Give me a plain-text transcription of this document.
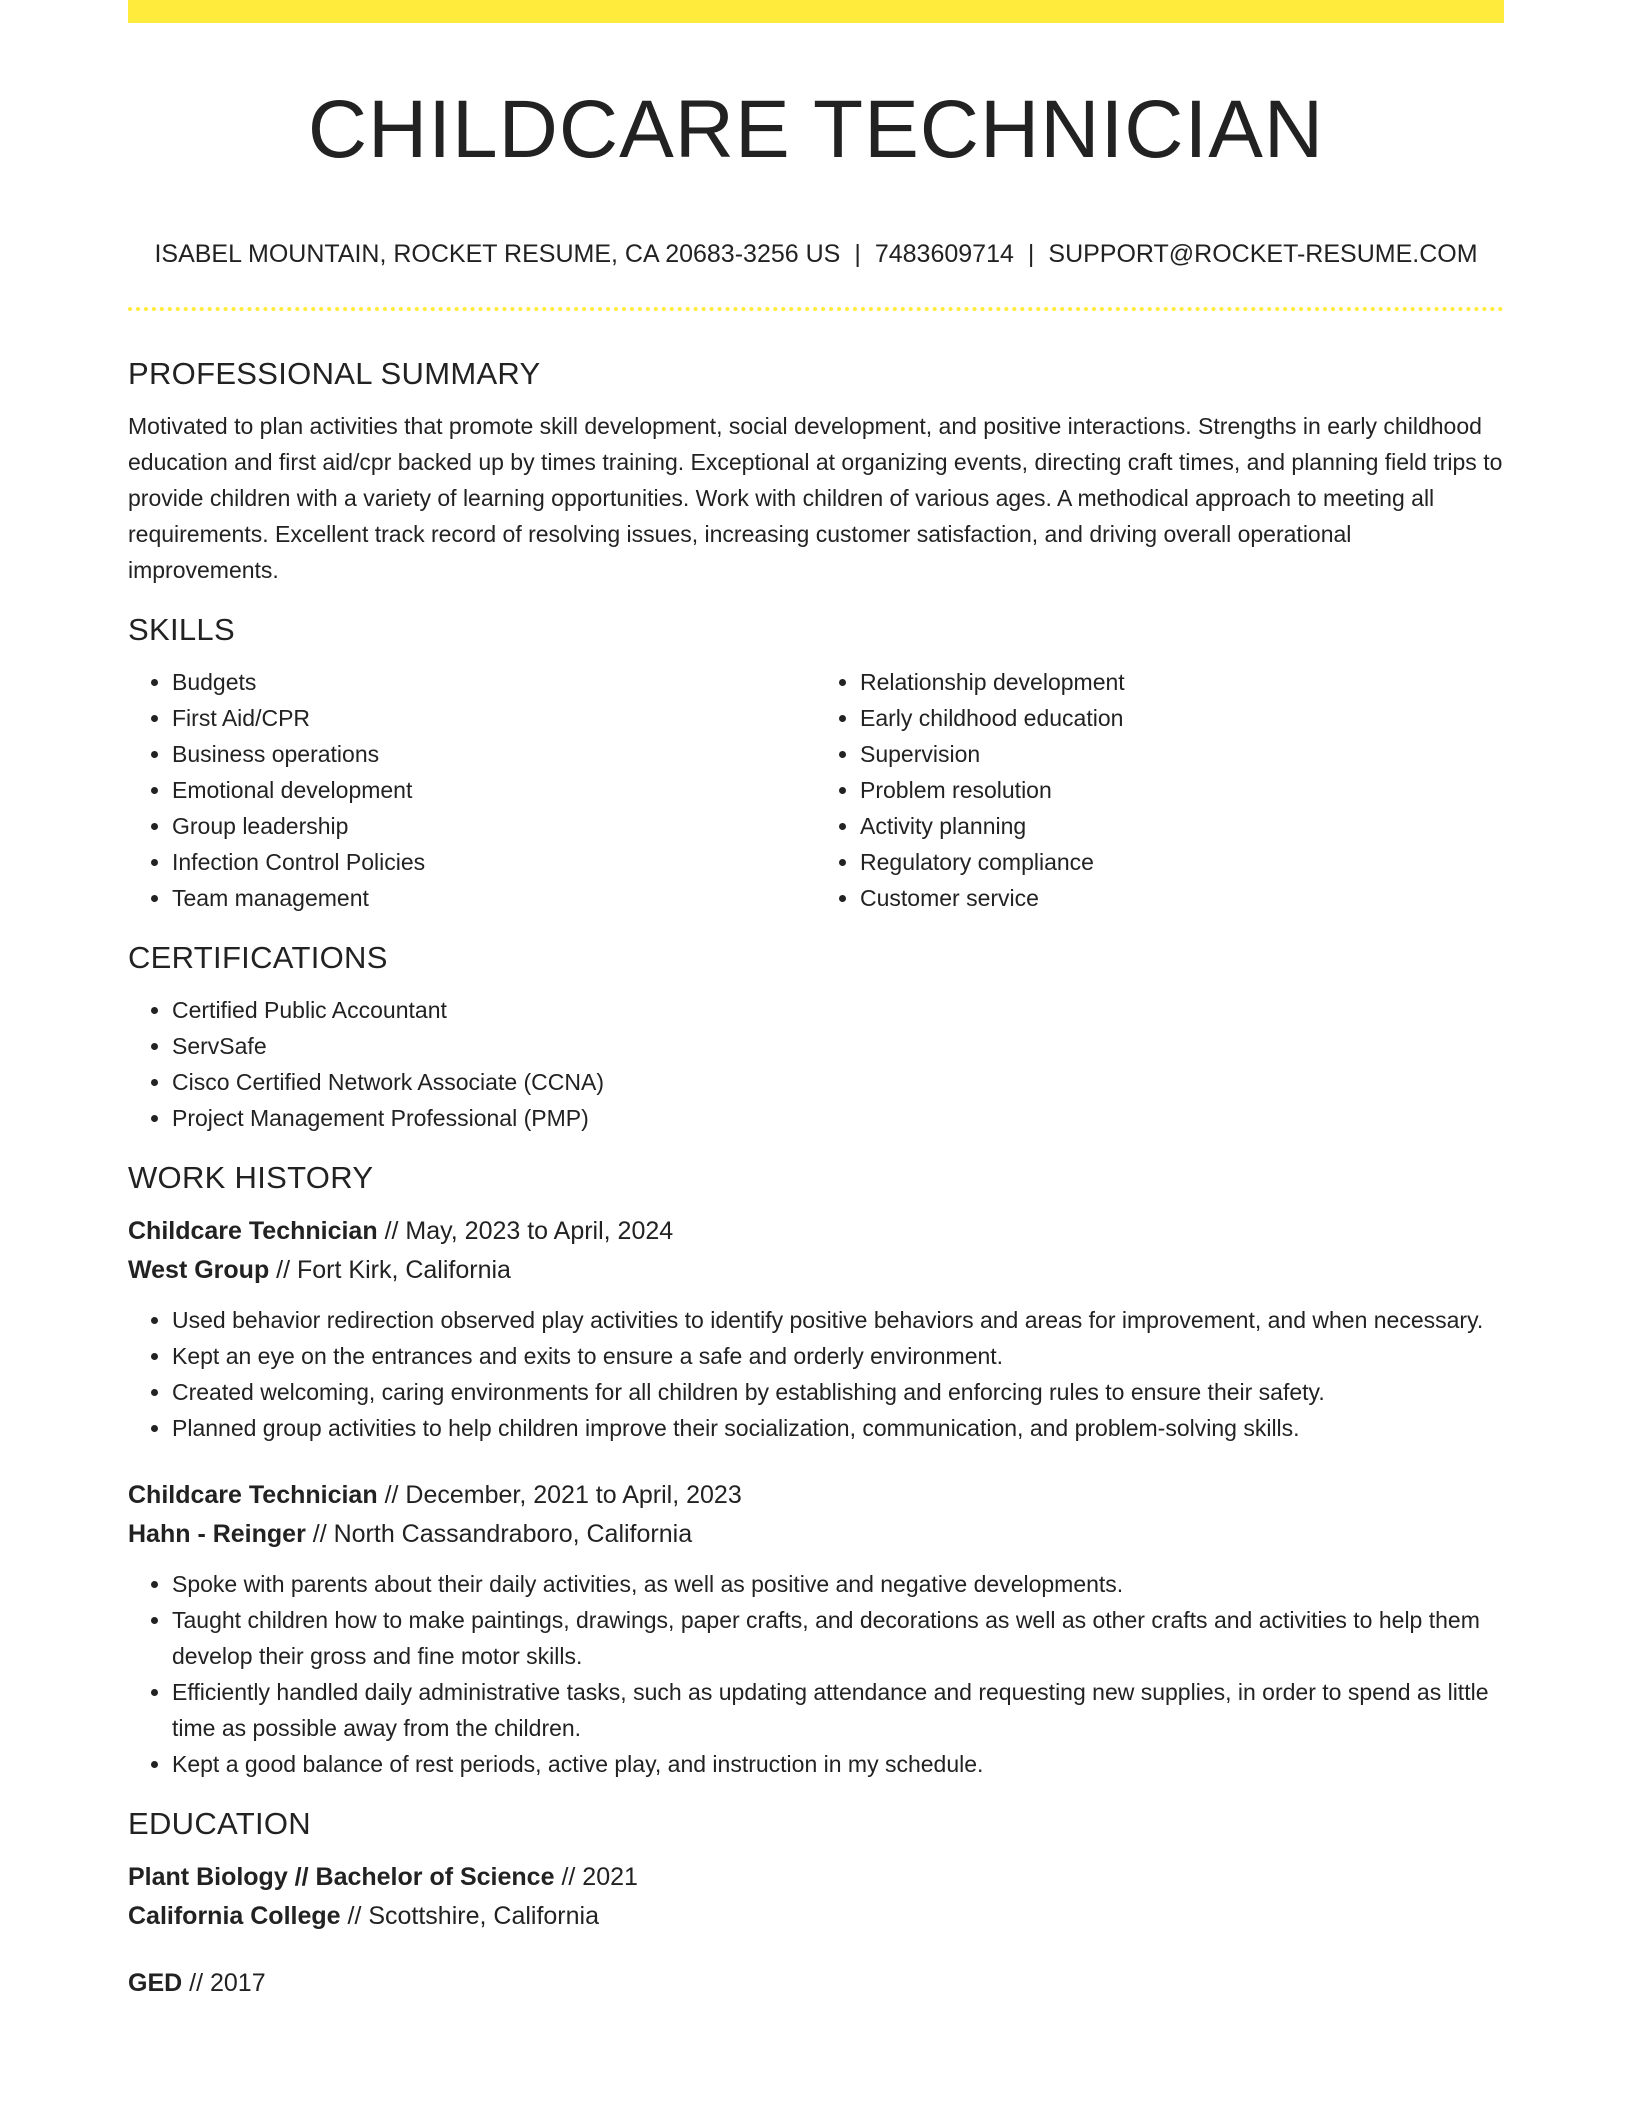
CHILDCARE TECHNICIAN
ISABEL MOUNTAIN, ROCKET RESUME, CA 20683-3256 US | 7483609714 | SUPPORT@ROCKET-RESUME.COM
PROFESSIONAL SUMMARY

Motivated to plan activities that promote skill development, social development, and positive interactions. Strengths in early childhood education and first aid/cpr backed up by times training. Exceptional at organizing events, directing craft times, and planning field trips to provide children with a variety of learning opportunities. Work with children of various ages. A methodical approach to meeting all requirements. Excellent track record of resolving issues, increasing customer satisfaction, and driving overall operational improvements.

SKILLS
• Budgets
• First Aid/CPR
• Business operations
• Emotional development
• Group leadership
• Infection Control Policies
• Team management
• Relationship development
• Early childhood education
• Supervision
• Problem resolution
• Activity planning
• Regulatory compliance
• Customer service
CERTIFICATIONS
• Certified Public Accountant
• ServSafe
• Cisco Certified Network Associate (CCNA)
• Project Management Professional (PMP)
WORK HISTORY
Childcare Technician // May, 2023 to April, 2024
West Group // Fort Kirk, California
• Used behavior redirection observed play activities to identify positive behaviors and areas for improvement, and when necessary.
• Kept an eye on the entrances and exits to ensure a safe and orderly environment.
• Created welcoming, caring environments for all children by establishing and enforcing rules to ensure their safety.
• Planned group activities to help children improve their socialization, communication, and problem-solving skills.
Childcare Technician // December, 2021 to April, 2023
Hahn - Reinger // North Cassandraboro, California
• Spoke with parents about their daily activities, as well as positive and negative developments.
• Taught children how to make paintings, drawings, paper crafts, and decorations as well as other crafts and activities to help them develop their gross and fine motor skills.
• Efficiently handled daily administrative tasks, such as updating attendance and requesting new supplies, in order to spend as little time as possible away from the children.
• Kept a good balance of rest periods, active play, and instruction in my schedule.
EDUCATION
Plant Biology // Bachelor of Science // 2021
California College // Scottshire, California
GED // 2017
